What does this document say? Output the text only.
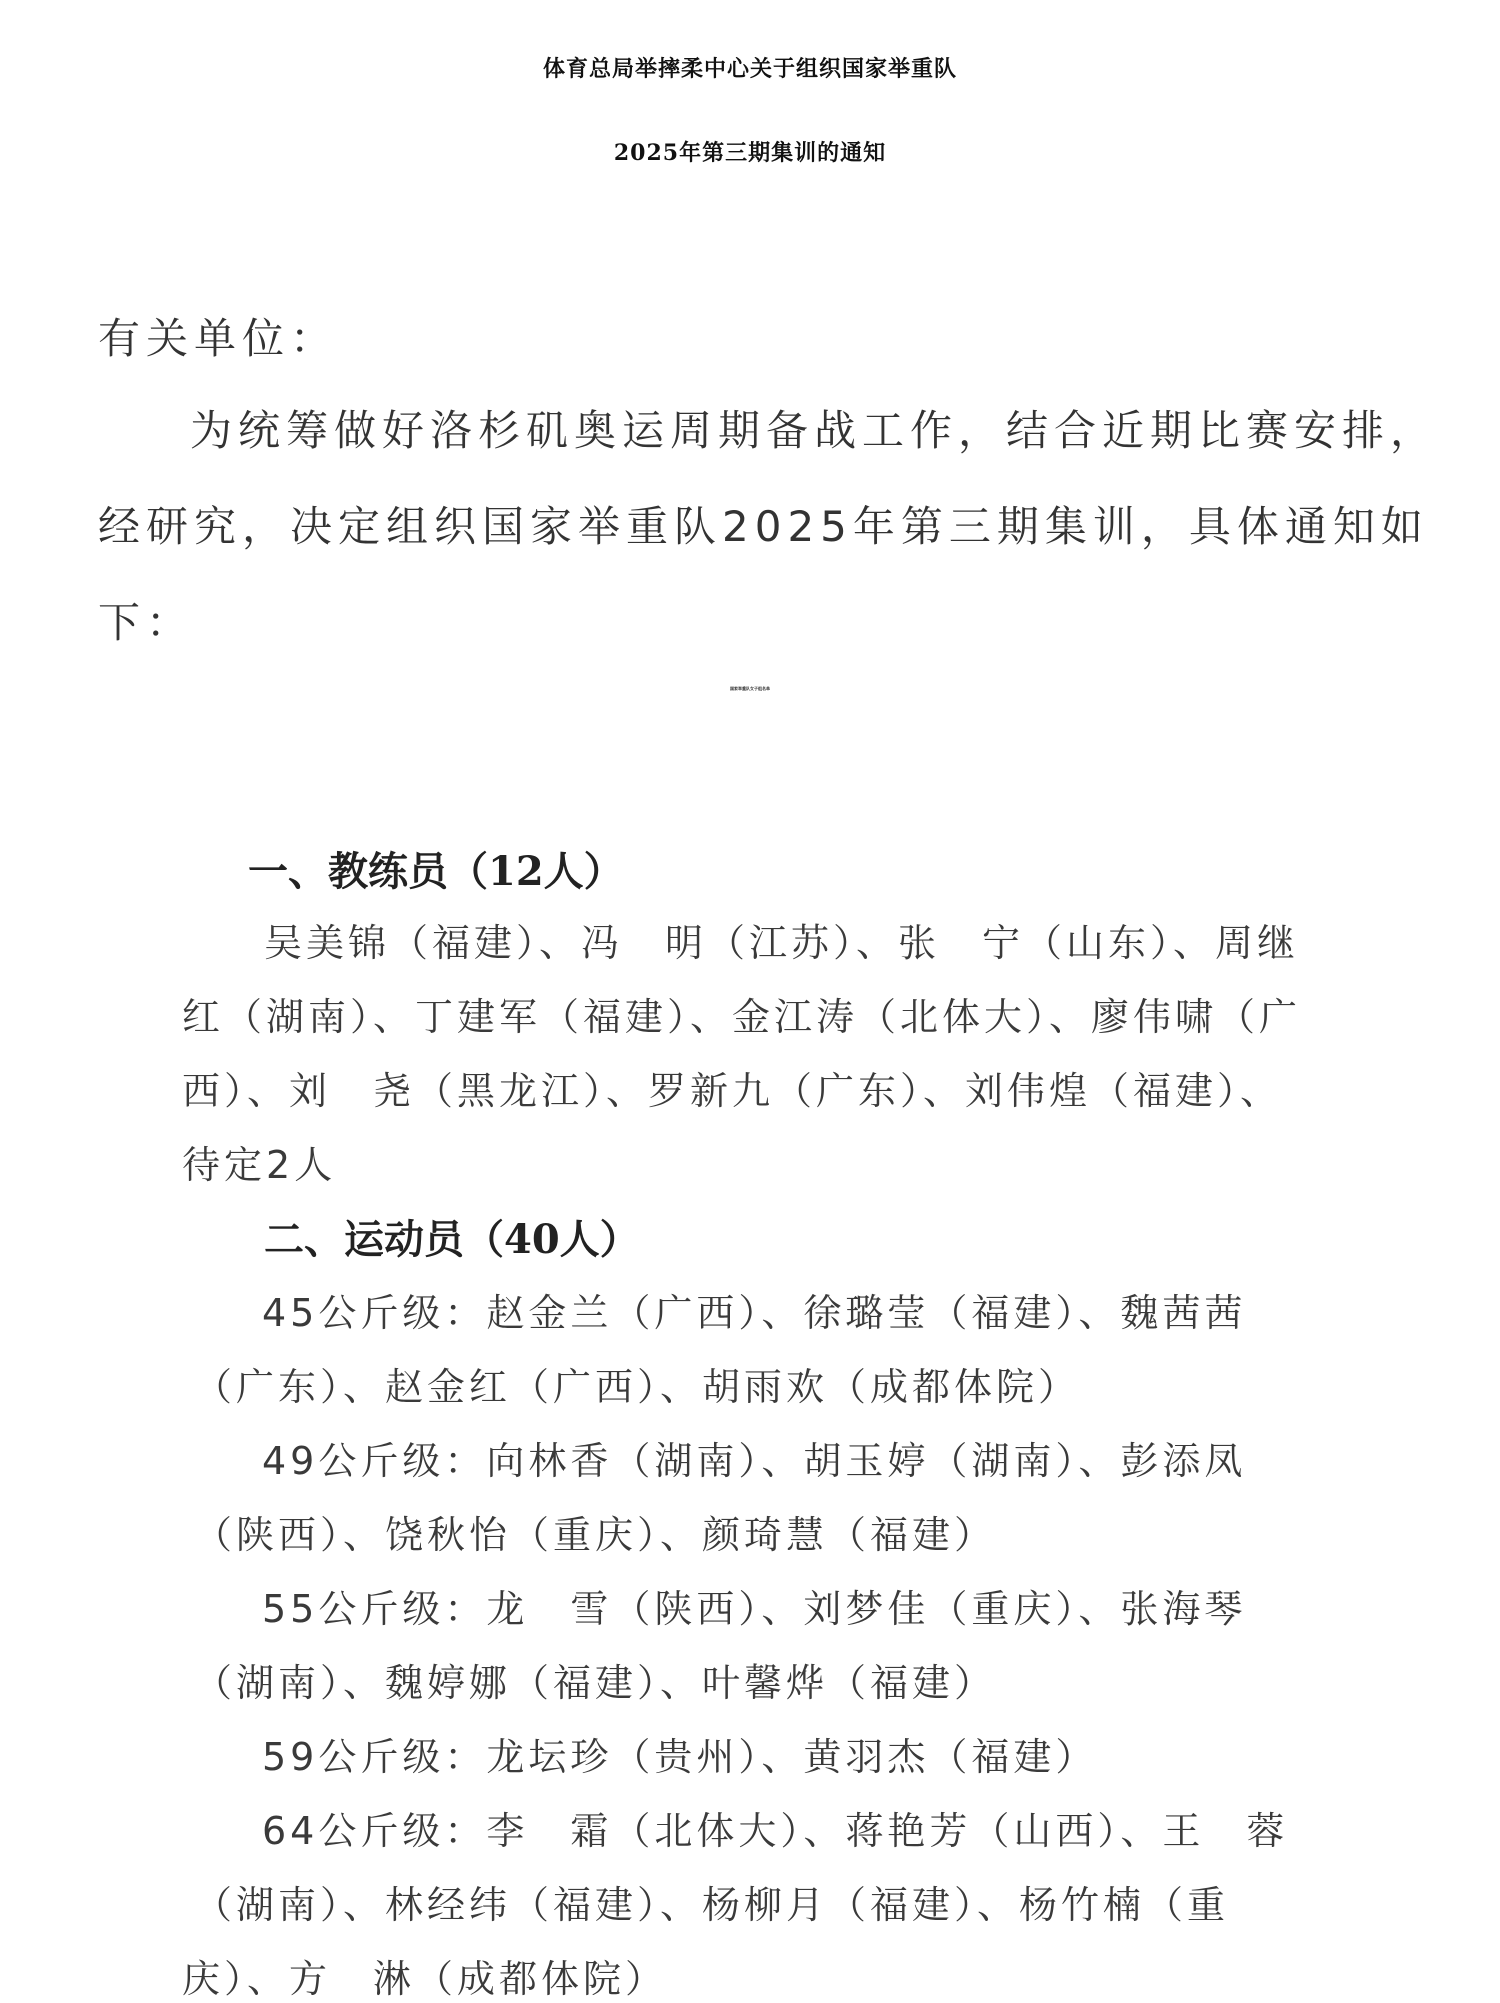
体育总局举摔柔中心关于组织国家举重队
2025年第三期集训的通知
有关单位：
为统筹做好洛杉矶奥运周期备战工作，结合近期比赛安排，
经研究，决定组织国家举重队2025年第三期集训，具体通知如
下：
国家举重队女子组名单
一、教练员（12人）
吴美锦（福建）、冯　明（江苏）、张　宁（山东）、周继
红（湖南）、丁建军（福建）、金江涛（北体大）、廖伟啸（广
西）、刘　尧（黑龙江）、罗新九（广东）、刘伟煌（福建）、
待定2人
二、运动员（40人）
45公斤级：赵金兰（广西）、徐璐莹（福建）、魏茜茜
（广东）、赵金红（广西）、胡雨欢（成都体院）
49公斤级：向林香（湖南）、胡玉婷（湖南）、彭添凤
（陕西）、饶秋怡（重庆）、颜琦慧（福建）
55公斤级：龙　雪（陕西）、刘梦佳（重庆）、张海琴
（湖南）、魏婷娜（福建）、叶馨烨（福建）
59公斤级：龙坛珍（贵州）、黄羽杰（福建）
64公斤级：李　霜（北体大）、蒋艳芳（山西）、王　蓉
（湖南）、林经纬（福建）、杨柳月（福建）、杨竹楠（重
庆）、方　淋（成都体院）
